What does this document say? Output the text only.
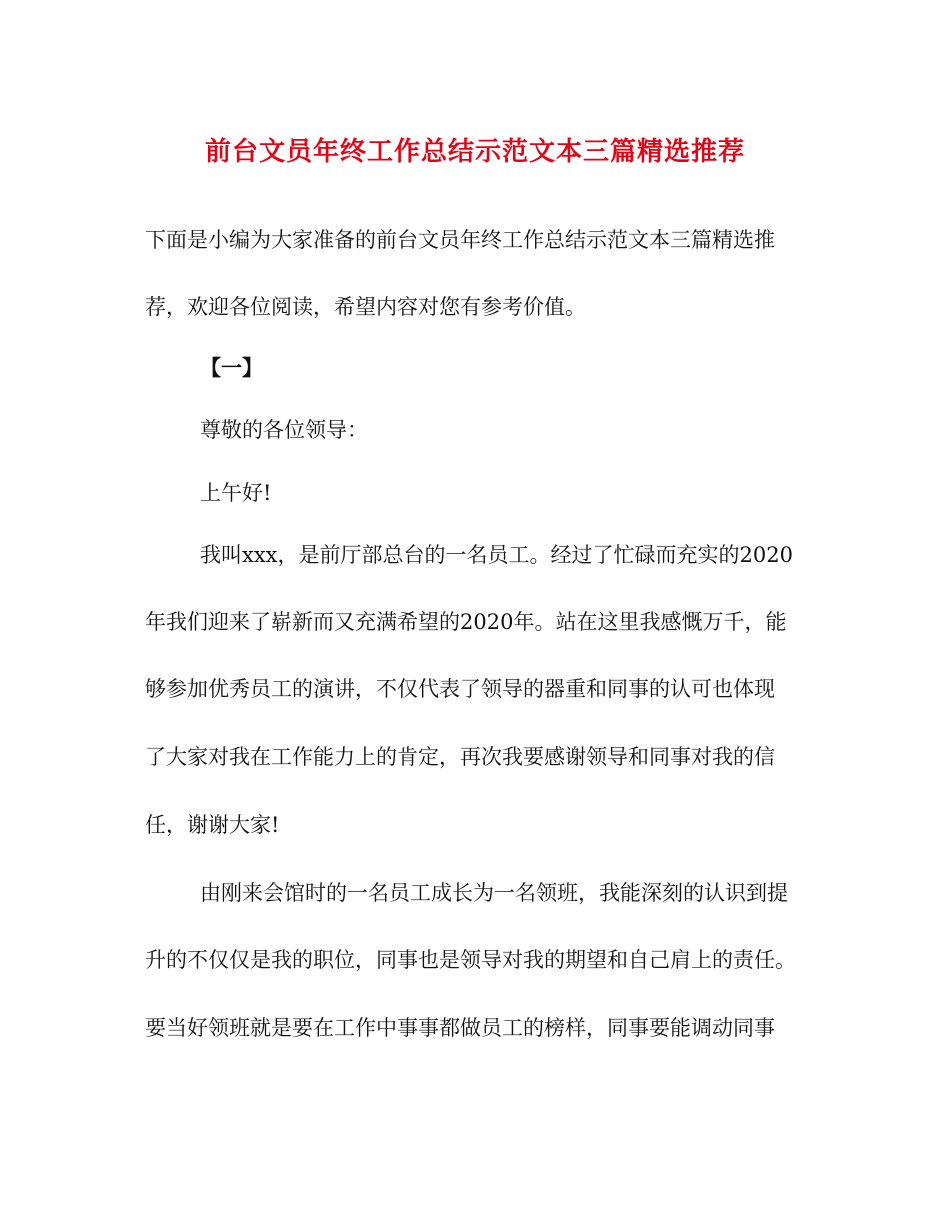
前台文员年终工作总结示范文本三篇精选推荐
下面是小编为大家准备的前台文员年终工作总结示范文本三篇精选推
荐，欢迎各位阅读，希望内容对您有参考价值。
【一】
尊敬的各位领导：
上午好!
我叫xxx，是前厅部总台的一名员工。经过了忙碌而充实的2020
年我们迎来了崭新而又充满希望的2020年。站在这里我感慨万千，能
够参加优秀员工的演讲，不仅代表了领导的器重和同事的认可也体现
了大家对我在工作能力上的肯定，再次我要感谢领导和同事对我的信
任，谢谢大家!
由刚来会馆时的一名员工成长为一名领班，我能深刻的认识到提
升的不仅仅是我的职位，同事也是领导对我的期望和自己肩上的责任。
要当好领班就是要在工作中事事都做员工的榜样，同事要能调动同事
